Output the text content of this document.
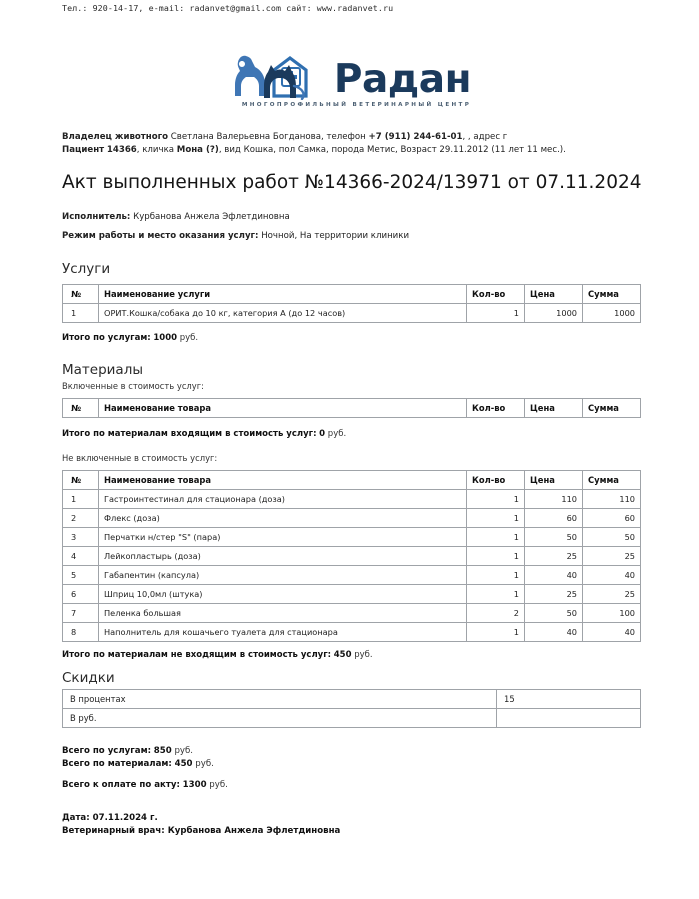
Тел.: 920-14-17, e-mail: radanvet@gmail.com сайт: www.radanvet.ru
Радан
МНОГОПРОФИЛЬНЫЙ ВЕТЕРИНАРНЫЙ ЦЕНТР
Владелец животного Светлана Валерьевна Богданова, телефон +7 (911) 244-61-01, , адрес г
Пациент 14366, кличка Мона (?), вид Кошка, пол Самка, порода Метис, Возраст 29.11.2012 (11 лет 11 мес.).
Акт выполненных работ №14366-2024/13971 от 07.11.2024
Исполнитель: Курбанова Анжела Эфлетдиновна
Режим работы и место оказания услуг: Ночной, На территории клиники
Услуги
№	Наименование услуги	Кол-во	Цена	Сумма
1	ОРИТ.Кошка/собака до 10 кг, категория А (до 12 часов)	1	1000	1000
Итого по услугам: 1000 руб.
Материалы
Включенные в стоимость услуг:
№	Наименование товара	Кол-во	Цена	Сумма
Итого по материалам входящим в стоимость услуг: 0 руб.
Не включенные в стоимость услуг:
№	Наименование товара	Кол-во	Цена	Сумма
1	Гастроинтестинал для стационара (доза)	1	110	110
2	Флекс (доза)	1	60	60
3	Перчатки н/стер "S" (пара)	1	50	50
4	Лейкопластырь (доза)	1	25	25
5	Габапентин (капсула)	1	40	40
6	Шприц 10,0мл (штука)	1	25	25
7	Пеленка большая	2	50	100
8	Наполнитель для кошачьего туалета для стационара	1	40	40
Итого по материалам не входящим в стоимость услуг: 450 руб.
Скидки
В процентах	15
В руб.	
Всего по услугам: 850 руб.
Всего по материалам: 450 руб.
Всего к оплате по акту: 1300 руб.
Дата: 07.11.2024 г.
Ветеринарный врач: Курбанова Анжела Эфлетдиновна
